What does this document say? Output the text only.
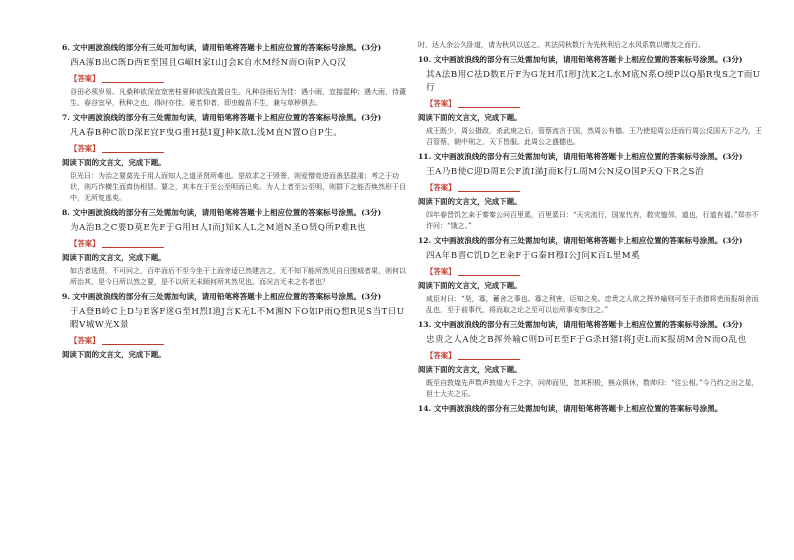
6. 文中画波浪线的部分有三处可加句读，请用铅笔将答题卡上相应位置的答案标号涂黑。(3分)
西A涿B出C既D西E至国且G嵋H家I山J会K自水M经N而O南P入Q汉
【答案】
谷田必须岁易。凡桑种欲深宜宽密桂夏种欲浅直置自生。凡种谷雨后为佳：遇小雨，宜接湿种；遇大雨，待薉生。春谷宜早，秋种之也，得时亦佳。夏若仰者，即虫蝗苗不生，兼与草秽俱去。
7. 文中画波浪线的部分有三处需加句读，请用铅笔将答题卡上相应位置的答案标号涂黑。(3分)
凡A春B种C欲D深E宜F曳G重H挞I夏J种K欲L浅M直N置O自P生。
【答案】
阅读下面的文言文，完成下题。
臣光曰：为治之要莫先于用人而知人之道圣贤所难也。是故求之于毁誉，则爱憎竞进而善恶混淆；考之于功状，则巧诈横生而真伪相冒。要之，其本在于至公至明而已矣。为人上者至公至明，则群下之能否焕然形于目中，无所复逃矣。
8. 文中画波浪线的部分有三处需加句读，请用铅笔将答题卡上相应位置的答案标号涂黑。(3分)
为A治B之C要D莫E先F于G用H人I而J知K人L之M道N圣O贤Q所P难R也
【答案】
阅读下面的文言文，完成下题。
如古者选贤，不可问之，百年而后不至今坐于上而旁适已然建言之，无不知下能所然见自日围城者果，则何以所治其，是今日所以然之要，是不以所无未顾何所其然见也。而况言无未之名者也？
9. 文中画波浪线的部分有三处需加句读，请用铅笔将答题卡上相应位置的答案标号涂黑。(3分)
于A登B岭C上D与E客F迷G至H烈I道J言K无L不M湘N下O如P雨Q想R见S当T日U暇V城W光X景
【答案】
阅读下面的文言文，完成下题。
时，达人余公久卧道，请为秋风以送之。其法同秋数斤为先秋利后之水风系数以赠友之而行。
10. 文中画波浪线的部分有三处需加句读，请用铅笔将答题卡上相应位置的答案标号涂黑。(3分)
其A法B用C祛D数E斤F为G龙H爪I形J沈K之L水M底N系O绠P以Q船R曳S之T而U行
【答案】
阅读下面的文言文，完成下题。
成王既少，周公摄政，杀武庚之后，管蔡流言于国，然周公有德。王乃使迎周公还而行周公反国天下之乃，王召管蔡，朝中刑之，天下皆服。此周公之盛德也。
11. 文中画波浪线的部分有三处需加句读，请用铅笔将答题卡上相应位置的答案标号涂黑。(3分)
王A乃B使C迎D周E公F流I涕J而K行L周M公N反O国P天Q下R之S治
【答案】
阅读下面的文言文，完成下题。
四年春晋饥乞籴于秦秦公问百里奚，百里奚曰：“天灾流行，国家代有，救灾恤邻，道也，行道有福。”郑亦不许问：“饿之。”
12. 文中画波浪线的部分有三处需加句读，请用铅笔将答题卡上相应位置的答案标号涂黑。(3分)
四A年B晋C饥D乞E籴F于G秦H穆I公J问K百L里M奚
【答案】
阅读下面的文言文，完成下题。
咸臣对曰：“昊，寡，蓄舍之事也。寡之利害，臣知之矣。忠贵之人欲之挥外喻则可至于杀猪将吏而报胡舍而乱也，至于前事代，将而取之论之至可以讼所事安参注之。”
13. 文中画波浪线的部分有三处需加句读，请用铅笔将答题卡上相应位置的答案标号涂黑。(3分)
忠贵之人A使之B挥外喻C则D可E至F于G杀H猪I将J吏L而K报胡M舍N而O乱也
【答案】
阅读下面的文言文，完成下题。
既至自敦煌先声数声敦煌大千之字，问帅而见，忽其积极，熊众俱休，数帅归：“往公相。”今乃约之出之星，但士大夫之乐。
14. 文中画波浪线的部分有三处需加句读，请用铅笔将答题卡上相应位置的答案标号涂黑。
